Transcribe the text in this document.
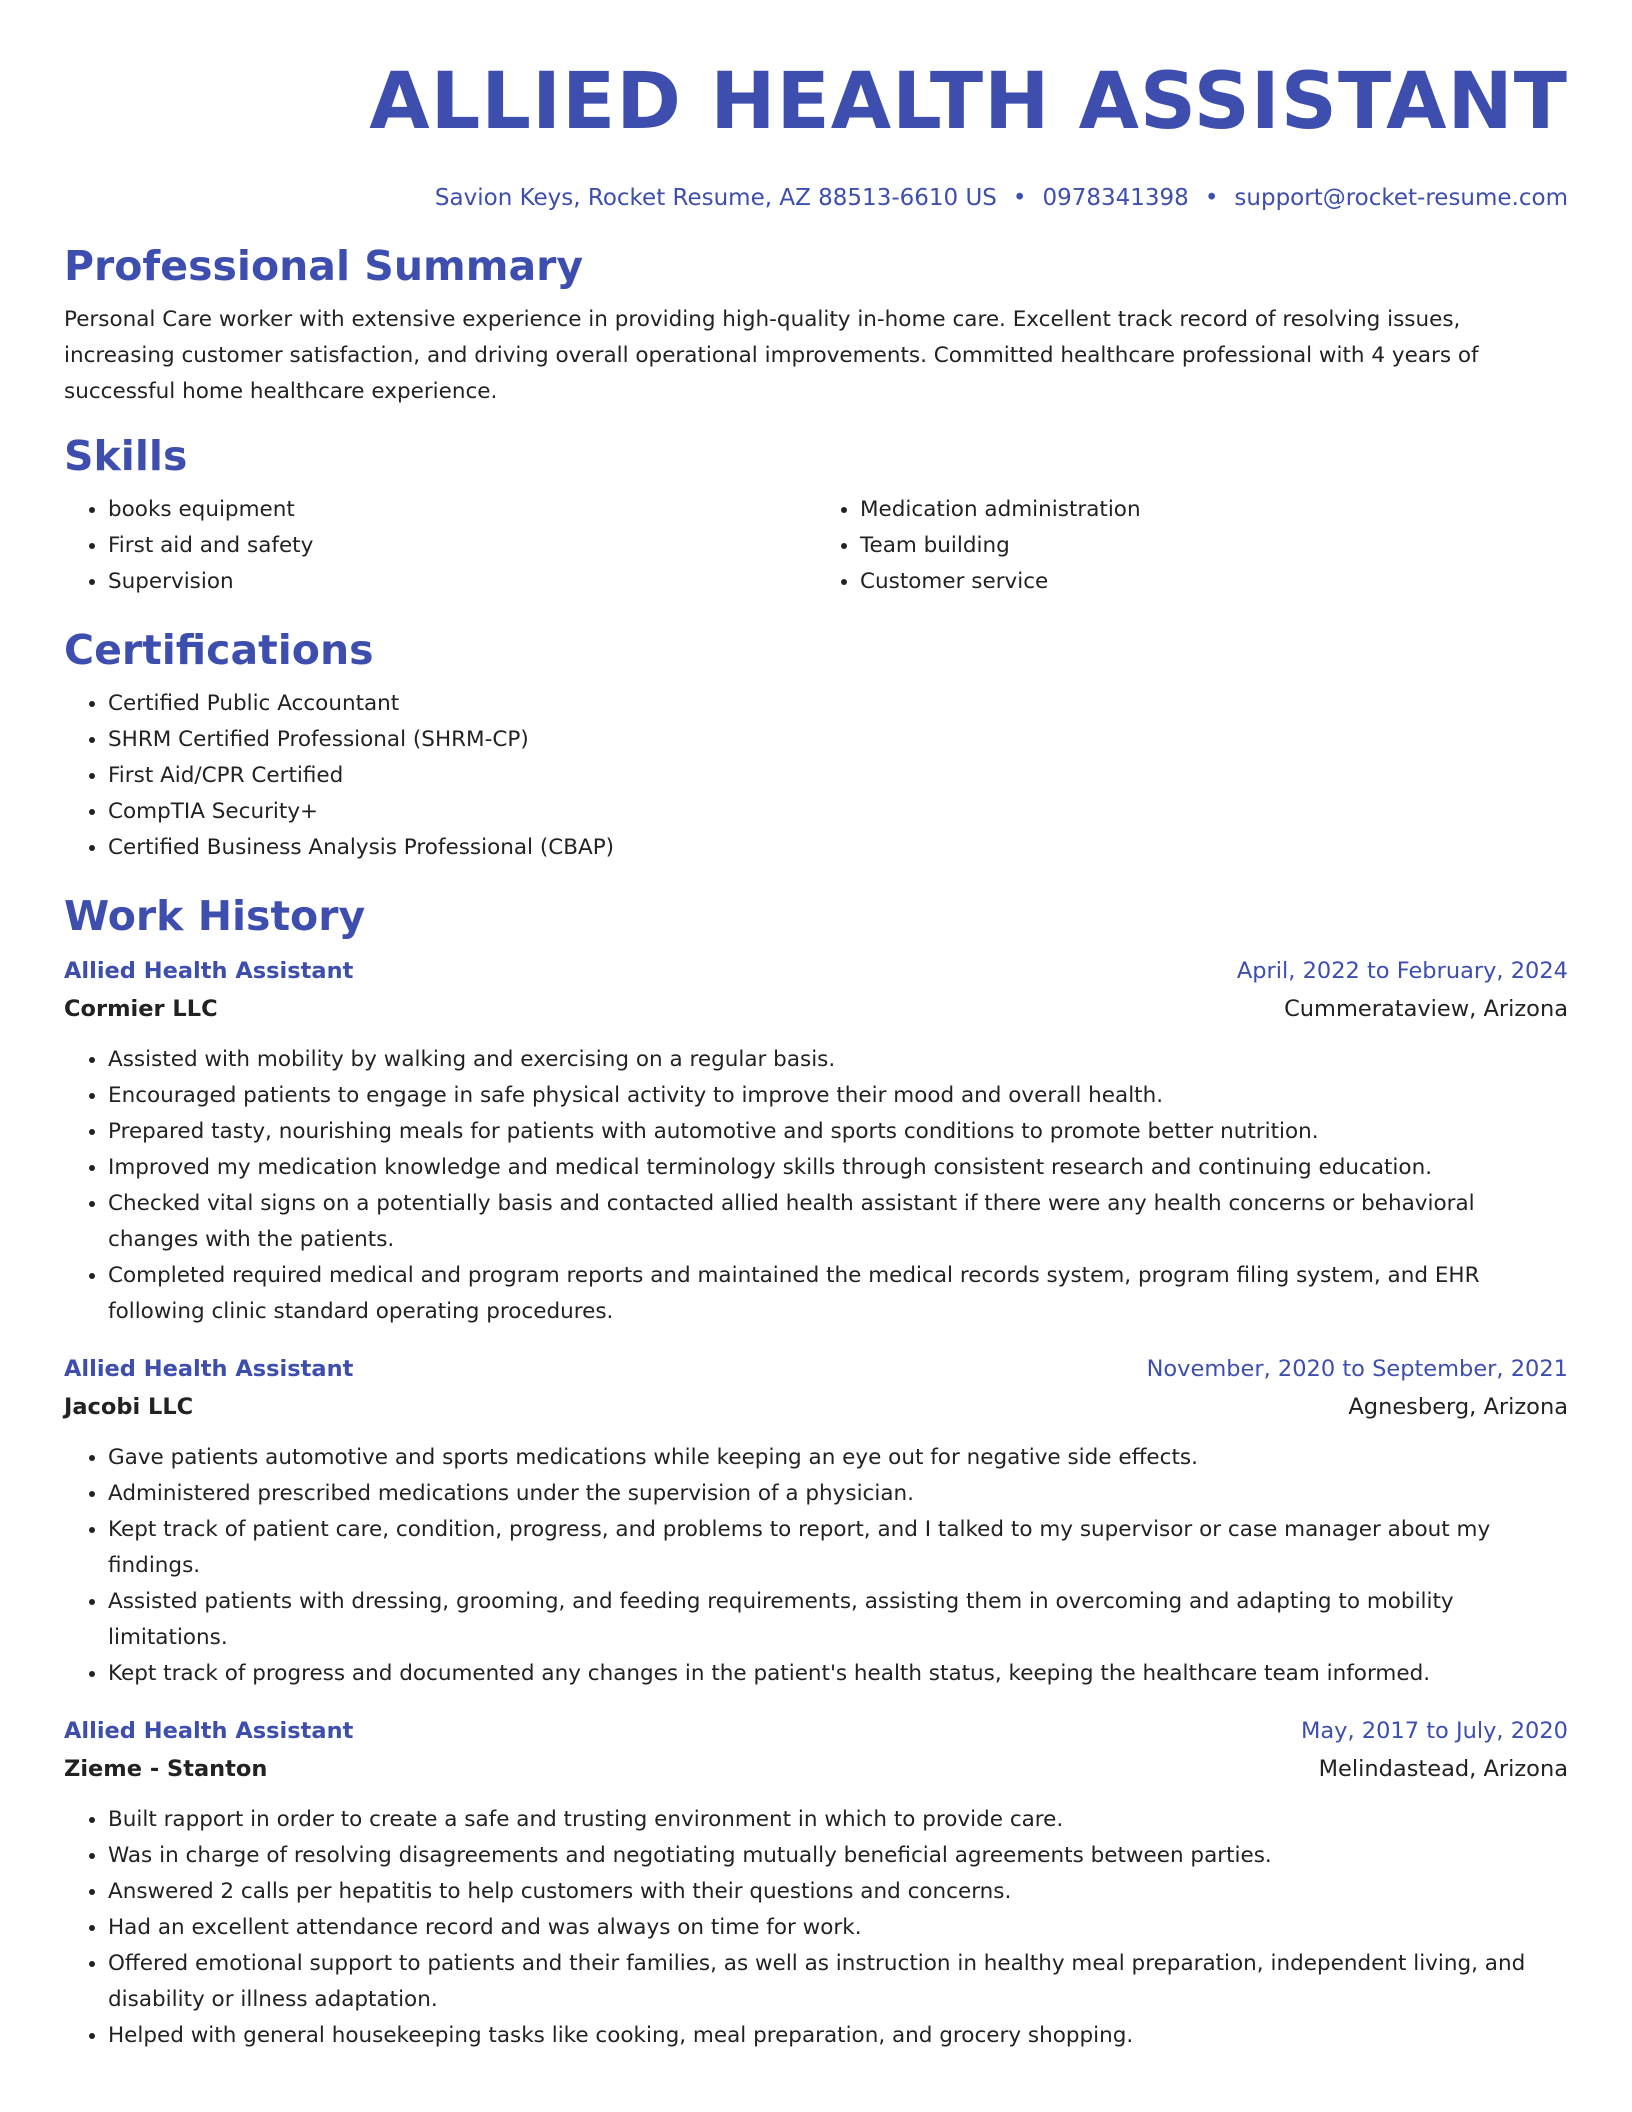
ALLIED HEALTH ASSISTANT
Savion Keys, Rocket Resume, AZ 88513-6610 US • 0978341398 • support@rocket-resume.com
Professional Summary

Personal Care worker with extensive experience in providing high-quality in-home care. Excellent track record of resolving issues, increasing customer satisfaction, and driving overall operational improvements. Committed healthcare professional with 4 years of successful home healthcare experience.

Skills
• books equipment
• First aid and safety
• Supervision
• Medication administration
• Team building
• Customer service
Certifications
• Certified Public Accountant
• SHRM Certified Professional (SHRM-CP)
• First Aid/CPR Certified
• CompTIA Security+
• Certified Business Analysis Professional (CBAP)
Work History
Allied Health Assistant	April, 2022 to February, 2024
Cormier LLC	Cummerataview, Arizona
• Assisted with mobility by walking and exercising on a regular basis.
• Encouraged patients to engage in safe physical activity to improve their mood and overall health.
• Prepared tasty, nourishing meals for patients with automotive and sports conditions to promote better nutrition.
• Improved my medication knowledge and medical terminology skills through consistent research and continuing education.
• Checked vital signs on a potentially basis and contacted allied health assistant if there were any health concerns or behavioral changes with the patients.
• Completed required medical and program reports and maintained the medical records system, program filing system, and EHR following clinic standard operating procedures.
Allied Health Assistant	November, 2020 to September, 2021
Jacobi LLC	Agnesberg, Arizona
• Gave patients automotive and sports medications while keeping an eye out for negative side effects.
• Administered prescribed medications under the supervision of a physician.
• Kept track of patient care, condition, progress, and problems to report, and I talked to my supervisor or case manager about my findings.
• Assisted patients with dressing, grooming, and feeding requirements, assisting them in overcoming and adapting to mobility limitations.
• Kept track of progress and documented any changes in the patient's health status, keeping the healthcare team informed.
Allied Health Assistant	May, 2017 to July, 2020
Zieme - Stanton	Melindastead, Arizona
• Built rapport in order to create a safe and trusting environment in which to provide care.
• Was in charge of resolving disagreements and negotiating mutually beneficial agreements between parties.
• Answered 2 calls per hepatitis to help customers with their questions and concerns.
• Had an excellent attendance record and was always on time for work.
• Offered emotional support to patients and their families, as well as instruction in healthy meal preparation, independent living, and disability or illness adaptation.
• Helped with general housekeeping tasks like cooking, meal preparation, and grocery shopping.
